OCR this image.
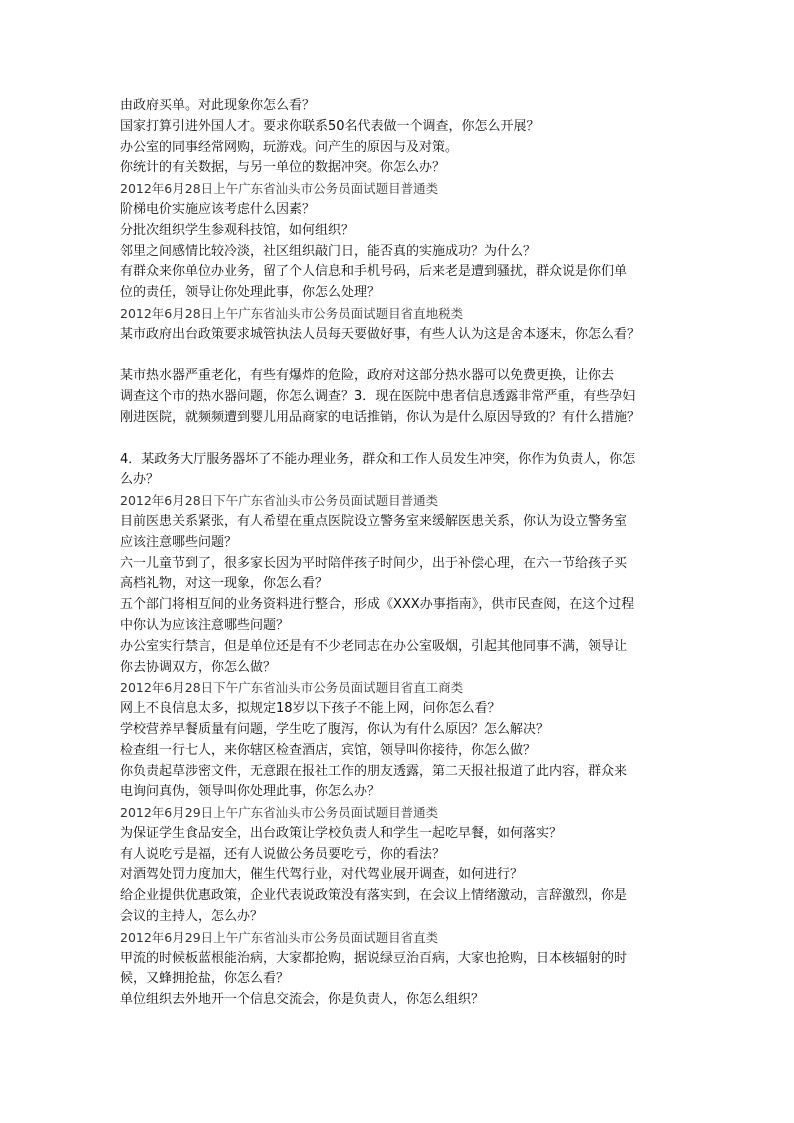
由政府买单。对此现象你怎么看？
国家打算引进外国人才。要求你联系50名代表做一个调查，你怎么开展？
办公室的同事经常网购，玩游戏。问产生的原因与及对策。
你统计的有关数据，与另一单位的数据冲突。你怎么办？
2012年6月28日上午广东省汕头市公务员面试题目普通类
阶梯电价实施应该考虑什么因素？
分批次组织学生参观科技馆，如何组织？
邻里之间感情比较冷淡，社区组织敲门日，能否真的实施成功？为什么？
有群众来你单位办业务，留了个人信息和手机号码，后来老是遭到骚扰，群众说是你们单
位的责任，领导让你处理此事，你怎么处理？
2012年6月28日上午广东省汕头市公务员面试题目省直地税类
某市政府出台政策要求城管执法人员每天要做好事，有些人认为这是舍本逐末，你怎么看？
某市热水器严重老化，有些有爆炸的危险，政府对这部分热水器可以免费更换，让你去
调查这个市的热水器问题，你怎么调查？3．现在医院中患者信息透露非常严重，有些孕妇
刚进医院，就频频遭到婴儿用品商家的电话推销，你认为是什么原因导致的？有什么措施？
4．某政务大厅服务器坏了不能办理业务，群众和工作人员发生冲突，你作为负责人，你怎
么办？
2012年6月28日下午广东省汕头市公务员面试题目普通类
目前医患关系紧张，有人希望在重点医院设立警务室来缓解医患关系，你认为设立警务室
应该注意哪些问题？
六一儿童节到了，很多家长因为平时陪伴孩子时间少，出于补偿心理，在六一节给孩子买
高档礼物，对这一现象，你怎么看？
五个部门将相互间的业务资料进行整合，形成《XXX办事指南》，供市民查阅，在这个过程
中你认为应该注意哪些问题？
办公室实行禁言，但是单位还是有不少老同志在办公室吸烟，引起其他同事不满，领导让
你去协调双方，你怎么做？
2012年6月28日下午广东省汕头市公务员面试题目省直工商类
网上不良信息太多，拟规定18岁以下孩子不能上网，问你怎么看？
学校营养早餐质量有问题，学生吃了腹泻，你认为有什么原因？怎么解决？
检查组一行七人，来你辖区检查酒店，宾馆，领导叫你接待，你怎么做？
你负责起草涉密文件，无意跟在报社工作的朋友透露，第二天报社报道了此内容，群众来
电询问真伪，领导叫你处理此事，你怎么办？
2012年6月29日上午广东省汕头市公务员面试题目普通类
为保证学生食品安全，出台政策让学校负责人和学生一起吃早餐，如何落实？
有人说吃亏是福，还有人说做公务员要吃亏，你的看法？
对酒驾处罚力度加大，催生代驾行业，对代驾业展开调查，如何进行？
给企业提供优惠政策，企业代表说政策没有落实到，在会议上情绪激动，言辞激烈，你是
会议的主持人，怎么办？
2012年6月29日上午广东省汕头市公务员面试题目省直类
甲流的时候板蓝根能治病，大家都抢购，据说绿豆治百病，大家也抢购，日本核辐射的时
候，又蜂拥抢盐，你怎么看？
单位组织去外地开一个信息交流会，你是负责人，你怎么组织？
